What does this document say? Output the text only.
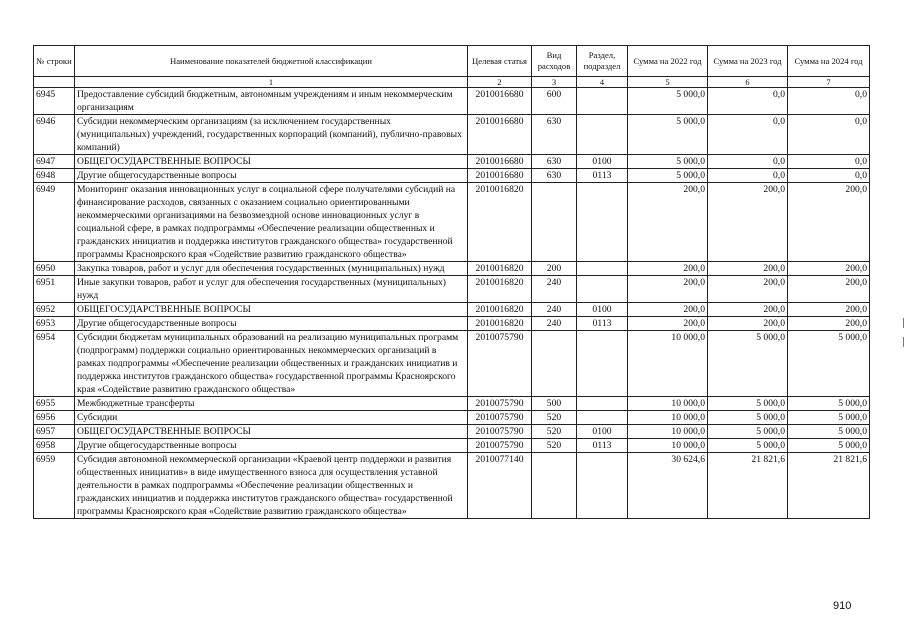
№ строки	Наименование показателей бюджетной классификации	Целевая статья	Вид расходов	Раздел, подраздел	Сумма на 2022 год	Сумма на 2023 год	Сумма на 2024 год
	1	2	3	4	5	6	7
6945	Предоставление субсидий бюджетным, автономным учреждениям и иным некоммерческим организациям	2010016680	600		5 000,0	0,0	0,0
6946	Субсидии некоммерческим организациям (за исключением государственных (муниципальных) учреждений, государственных корпораций (компаний), публично-правовых компаний)	2010016680	630		5 000,0	0,0	0,0
6947	ОБЩЕГОСУДАРСТВЕННЫЕ ВОПРОСЫ	2010016680	630	0100	5 000,0	0,0	0,0
6948	Другие общегосударственные вопросы	2010016680	630	0113	5 000,0	0,0	0,0
6949	Мониторинг оказания инновационных услуг в социальной сфере получателями субсидий на финансирование расходов, связанных с оказанием социально ориентированными некоммерческими организациями на безвозмездной основе инновационных услуг в социальной сфере, в рамках подпрограммы «Обеспечение реализации общественных и гражданских инициатив и поддержка институтов гражданского общества» государственной программы Красноярского края «Содействие развитию гражданского общества»	2010016820			200,0	200,0	200,0
6950	Закупка товаров, работ и услуг для обеспечения государственных (муниципальных) нужд	2010016820	200		200,0	200,0	200,0
6951	Иные закупки товаров, работ и услуг для обеспечения государственных (муниципальных) нужд	2010016820	240		200,0	200,0	200,0
6952	ОБЩЕГОСУДАРСТВЕННЫЕ ВОПРОСЫ	2010016820	240	0100	200,0	200,0	200,0
6953	Другие общегосударственные вопросы	2010016820	240	0113	200,0	200,0	200,0
6954	Субсидии бюджетам муниципальных образований на реализацию муниципальных программ (подпрограмм) поддержки социально ориентированных некоммерческих организаций в рамках подпрограммы «Обеспечение реализации общественных и гражданских инициатив и поддержка институтов гражданского общества» государственной программы Красноярского края «Содействие развитию гражданского общества»	2010075790			10 000,0	5 000,0	5 000,0
6955	Межбюджетные трансферты	2010075790	500		10 000,0	5 000,0	5 000,0
6956	Субсидии	2010075790	520		10 000,0	5 000,0	5 000,0
6957	ОБЩЕГОСУДАРСТВЕННЫЕ ВОПРОСЫ	2010075790	520	0100	10 000,0	5 000,0	5 000,0
6958	Другие общегосударственные вопросы	2010075790	520	0113	10 000,0	5 000,0	5 000,0
6959	Субсидия автономной некоммерческой организации «Краевой центр поддержки и развития общественных инициатив» в виде имущественного взноса для осуществления уставной деятельности в рамках подпрограммы «Обеспечение реализации общественных и гражданских инициатив и поддержка институтов гражданского общества» государственной программы Красноярского края «Содействие развитию гражданского общества»	2010077140			30 624,6	21 821,6	21 821,6
910
